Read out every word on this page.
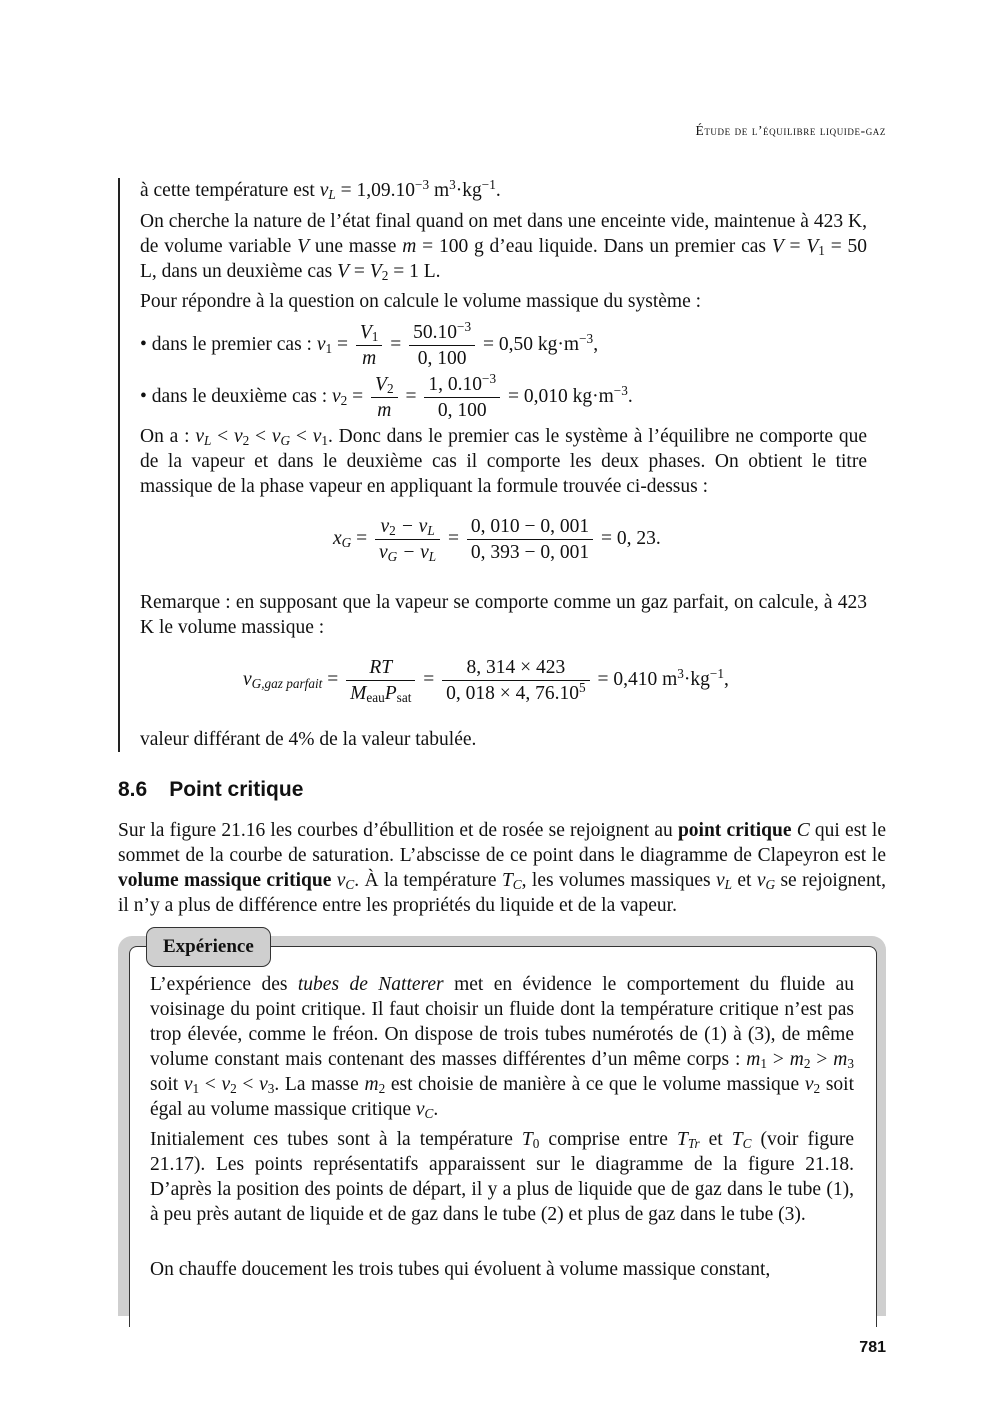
Étude de l’équilibre liquide-gaz
à cette température est $v_L = 1,09.10^{-3}$ $m^3\cdot kg^{-1}$.
On cherche la nature de l’état final quand on met dans une enceinte vide, maintenue à 423 K, de volume variable V une masse m = 100 g d’eau liquide. Dans un premier cas $V = V_1 = 50$ L, dans un deuxième cas $V = V_2 = 1$ L.
Pour répondre à la question on calcule le volume massique du système :
• dans le premier cas : $v_1 = \frac{V_1}{m} = \frac{50.10^{-3}}{0, 100} = 0,50$ $kg\cdot m^{-3}$,
• dans le deuxième cas : $v_2 = \frac{V_2}{m} = \frac{1, 0.10^{-3}}{0, 100} = 0,010$ $kg\cdot m^{-3}$.
On a : $v_L < v_2 < v_G < v_1$. Donc dans le premier cas le système à l’équilibre ne comporte que de la vapeur et dans le deuxième cas il comporte les deux phases. On obtient le titre massique de la phase vapeur en appliquant la formule trouvée ci-dessus :
$x_G = \frac{v_2 - v_L}{v_G - v_L} = \frac{0, 010 - 0, 001}{0, 393 - 0, 001} = 0$, 23.
Remarque : en supposant que la vapeur se comporte comme un gaz parfait, on calcule, à 423 K le volume massique :
$v_{G,gaz parfait} = \frac{RT}{M_{eau}P_{sat}} = \frac{8, 314 \times 423}{0, 018 \times 4, 76.10^5} = 0,410$ $m^3\cdot kg^{-1}$,
valeur différant de 4% de la valeur tabulée.
8.6 Point critique
Sur la figure 21.16 les courbes d’ébullition et de rosée se rejoignent au point critique C qui est le sommet de la courbe de saturation. L’abscisse de ce point dans le diagramme de Clapeyron est le volume massique critique $v_C$. À la température $T_C$, les volumes massiques $v_L$ et $v_G$ se rejoignent, il n’y a plus de différence entre les propriétés du liquide et de la vapeur.
Expérience
L’expérience des tubes de Natterer met en évidence le comportement du fluide au voisinage du point critique. Il faut choisir un fluide dont la température critique n’est pas trop élevée, comme le fréon. On dispose de trois tubes numérotés de (1) à (3), de même volume constant mais contenant des masses différentes d’un même corps : $m_1 > m_2 > m_3$ soit $v_1 < v_2 < v_3$. La masse $m_2$ est choisie de manière à ce que le volume massique $v_2$ soit égal au volume massique critique $v_C$.
Initialement ces tubes sont à la température $T_0$ comprise entre $T_{Tr}$ et $T_C$ (voir figure 21.17). Les points représentatifs apparaissent sur le diagramme de la figure 21.18. D’après la position des points de départ, il y a plus de liquide que de gaz dans le tube (1), à peu près autant de liquide et de gaz dans le tube (2) et plus de gaz dans le tube (3).
On chauffe doucement les trois tubes qui évoluent à volume massique constant,
781
